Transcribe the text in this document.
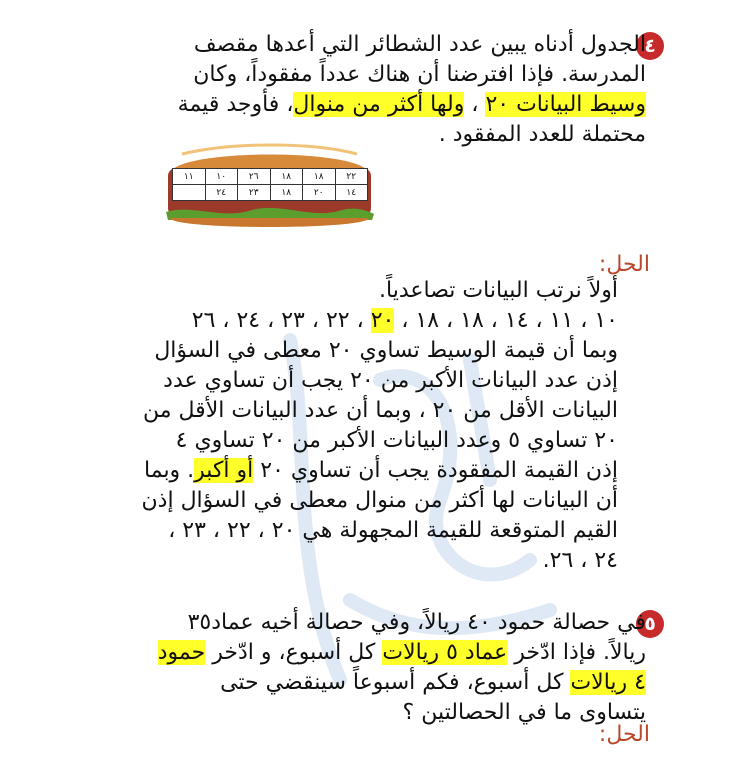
٤
الجدول أدناه يبين عدد الشطائر التي أعدها مقصف
المدرسة. فإذا افترضنا أن هناك عدداً مفقوداً، وكان
وسيط البيانات ٢٠ ، ولها أكثر من منوال، فأوجد قيمة
محتملة للعدد المفقود .
٢٢	١٨	١٨	٢٦	١٠	١١
١٤	٢٠	١٨	٢٣	٢٤	
الحل:
أولاً نرتب البيانات تصاعدياً.
١٠ ، ١١ ، ١٤ ، ١٨ ، ١٨ ، ٢٠ ، ٢٢ ، ٢٣ ، ٢٤ ، ٢٦
وبما أن قيمة الوسيط تساوي ٢٠ معطى في السؤال
إذن عدد البيانات الأكبر من ٢٠ يجب أن تساوي عدد
البيانات الأقل من ٢٠ ، وبما أن عدد البيانات الأقل من
٢٠ تساوي ٥ وعدد البيانات الأكبر من ٢٠ تساوي ٤
إذن القيمة المفقودة يجب أن تساوي ٢٠ أو أكبر. وبما
أن البيانات لها أكثر من منوال معطى في السؤال إذن
القيم المتوقعة للقيمة المجهولة هي ٢٠ ، ٢٢ ، ٢٣ ،
٢٤ ، ٢٦.
٥
في حصالة حمود ٤٠ ريالاً، وفي حصالة أخيه عماد٣٥
ريالاً. فإذا ادّخر عماد ٥ ريالات كل أسبوع، و ادّخر حمود
٤ ريالات كل أسبوع، فكم أسبوعاً سينقضي حتى
يتساوى ما في الحصالتين ؟
الحل:
